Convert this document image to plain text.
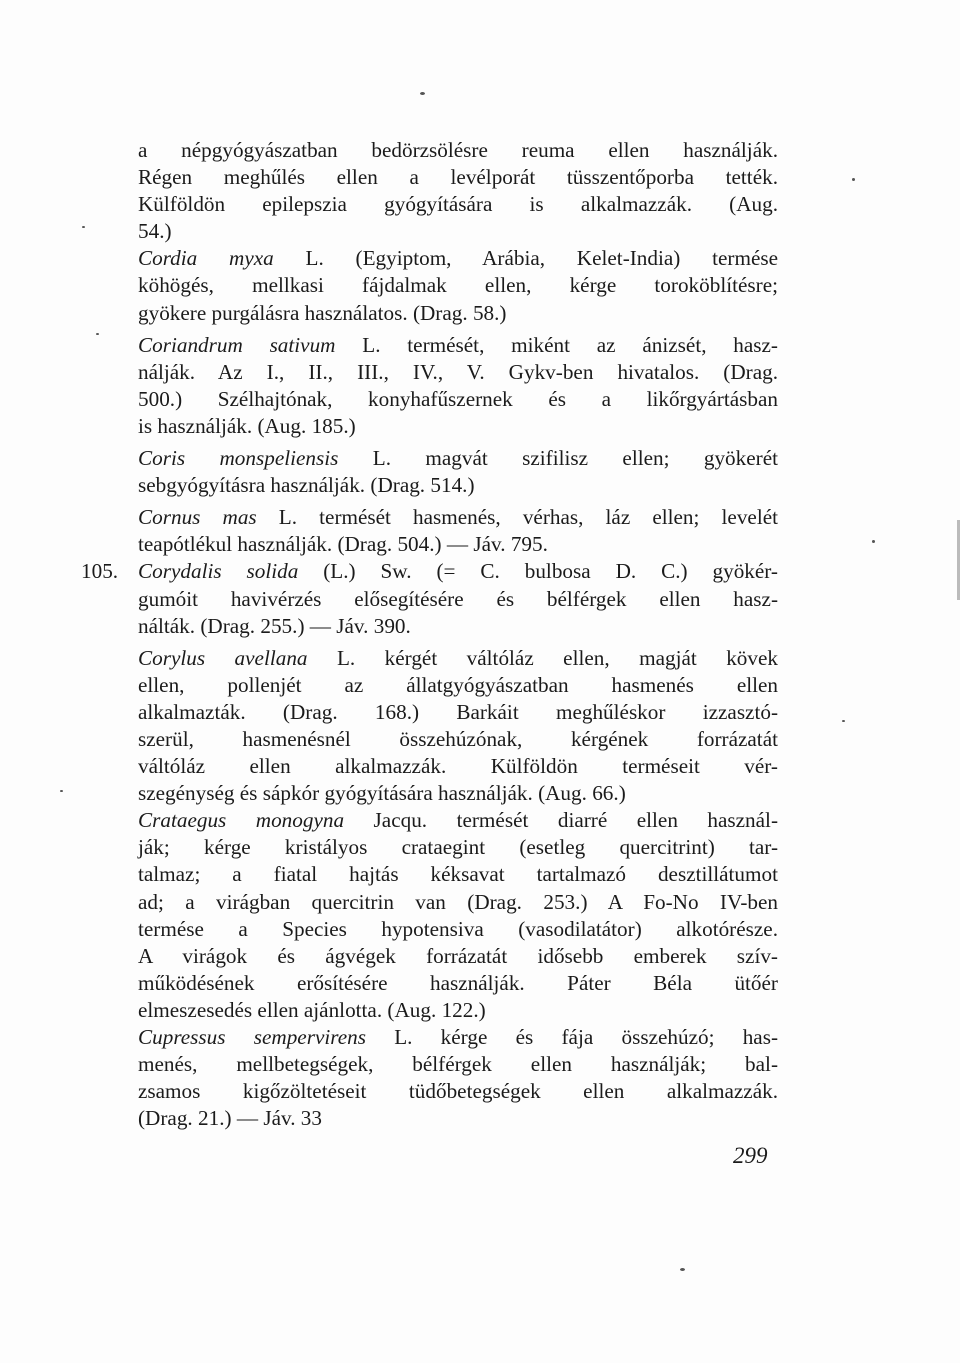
a népgyógyászatban bedörzsölésre reuma ellen használják.
Régen meghűlés ellen a levélporát tüsszentőporba tették.
Külföldön epilepszia gyógyítására is alkalmazzák. (Aug.
54.)
Cordia myxa L. (Egyiptom, Arábia, Kelet-India) termése
köhögés, mellkasi fájdalmak ellen, kérge toroköblítésre;
gyökere purgálásra használatos. (Drag. 58.)
Coriandrum sativum L. termését, miként az ánizsét, hasz-
nálják. Az I., II., III., IV., V. Gykv-ben hivatalos. (Drag.
500.) Szélhajtónak, konyhafűszernek és a likőrgyártásban
is használják. (Aug. 185.)
Coris monspeliensis L. magvát szifilisz ellen; gyökerét
sebgyógyításra használják. (Drag. 514.)
Cornus mas L. termését hasmenés, vérhas, láz ellen; levelét
teapótlékul használják. (Drag. 504.) — Jáv. 795.
105. Corydalis solida (L.) Sw. (= C. bulbosa D. C.) gyökér-
gumóit havivérzés elősegítésére és bélférgek ellen hasz-
nálták. (Drag. 255.) — Jáv. 390.
Corylus avellana L. kérgét váltóláz ellen, magját kövek
ellen, pollenjét az állatgyógyászatban hasmenés ellen
alkalmazták. (Drag. 168.) Barkáit meghűléskor izzasztó-
szerül, hasmenésnél összehúzónak, kérgének forrázatát
váltóláz ellen alkalmazzák. Külföldön terméseit vér-
szegénység és sápkór gyógyítására használják. (Aug. 66.)
Crataegus monogyna Jacqu. termését diarré ellen használ-
ják; kérge kristályos crataegint (esetleg quercitrint) tar-
talmaz; a fiatal hajtás kéksavat tartalmazó desztillátumot
ad; a virágban quercitrin van (Drag. 253.) A Fo-No IV-ben
termése a Species hypotensiva (vasodilatátor) alkotórésze.
A virágok és ágvégek forrázatát idősebb emberek szív-
működésének erősítésére használják. Páter Béla ütőér
elmeszesedés ellen ajánlotta. (Aug. 122.)
Cupressus sempervirens L. kérge és fája összehúzó; has-
menés, mellbetegségek, bélférgek ellen használják; bal-
zsamos kigőzöltetéseit tüdőbetegségek ellen alkalmazzák.
(Drag. 21.) — Jáv. 33
299
